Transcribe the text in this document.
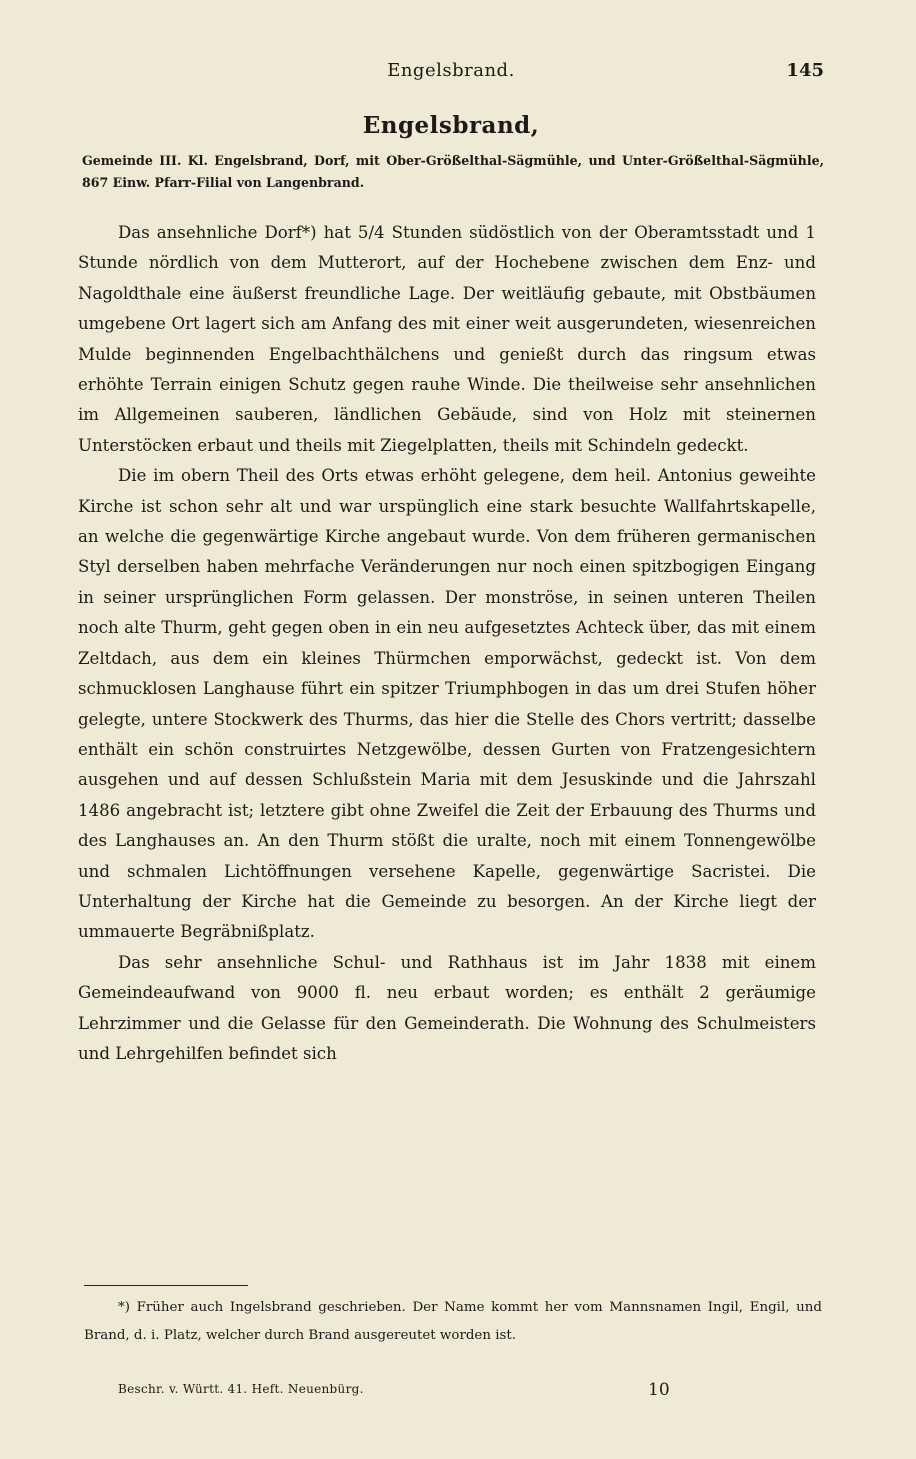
Engelsbrand.	145
Engelsbrand,
Gemeinde III. Kl. Engelsbrand, Dorf, mit Ober-Größelthal-Sägmühle, und Unter-Größelthal-Sägmühle, 867 Einw. Pfarr-Filial von Langenbrand.

Das ansehnliche Dorf*) hat 5/4 Stunden südöstlich von der Oberamtsstadt und 1 Stunde nördlich von dem Mutterort, auf der Hochebene zwischen dem Enz- und Nagoldthale eine äußerst freundliche Lage. Der weitläufig gebaute, mit Obstbäumen umgebene Ort lagert sich am Anfang des mit einer weit ausgerundeten, wiesenreichen Mulde beginnenden Engelbachthälchens und genießt durch das ringsum etwas erhöhte Terrain einigen Schutz gegen rauhe Winde. Die theilweise sehr ansehnlichen im Allgemeinen sauberen, ländlichen Gebäude, sind von Holz mit steinernen Unterstöcken erbaut und theils mit Ziegelplatten, theils mit Schindeln gedeckt.

Die im obern Theil des Orts etwas erhöht gelegene, dem heil. Antonius geweihte Kirche ist schon sehr alt und war urspünglich eine stark besuchte Wallfahrtskapelle, an welche die gegenwärtige Kirche angebaut wurde. Von dem früheren germanischen Styl derselben haben mehrfache Veränderungen nur noch einen spitzbogigen Eingang in seiner ursprünglichen Form gelassen. Der monströse, in seinen unteren Theilen noch alte Thurm, geht gegen oben in ein neu aufgesetztes Achteck über, das mit einem Zeltdach, aus dem ein kleines Thürmchen emporwächst, gedeckt ist. Von dem schmucklosen Langhause führt ein spitzer Triumphbogen in das um drei Stufen höher gelegte, untere Stockwerk des Thurms, das hier die Stelle des Chors vertritt; dasselbe enthält ein schön construirtes Netzgewölbe, dessen Gurten von Fratzengesichtern ausgehen und auf dessen Schlußstein Maria mit dem Jesuskinde und die Jahrszahl 1486 angebracht ist; letztere gibt ohne Zweifel die Zeit der Erbauung des Thurms und des Langhauses an. An den Thurm stößt die uralte, noch mit einem Tonnengewölbe und schmalen Lichtöffnungen versehene Kapelle, gegenwärtige Sacristei. Die Unterhaltung der Kirche hat die Gemeinde zu besorgen. An der Kirche liegt der ummauerte Begräbnißplatz.

Das sehr ansehnliche Schul- und Rathhaus ist im Jahr 1838 mit einem Gemeindeaufwand von 9000 fl. neu erbaut worden; es enthält 2 geräumige Lehrzimmer und die Gelasse für den Gemeinderath. Die Wohnung des Schulmeisters und Lehrgehilfen befindet sich

*) Früher auch Ingelsbrand geschrieben. Der Name kommt her vom Mannsnamen Ingil, Engil, und Brand, d. i. Platz, welcher durch Brand ausgereutet worden ist.
Beschr. v. Württ. 41. Heft. Neuenbürg.	10
